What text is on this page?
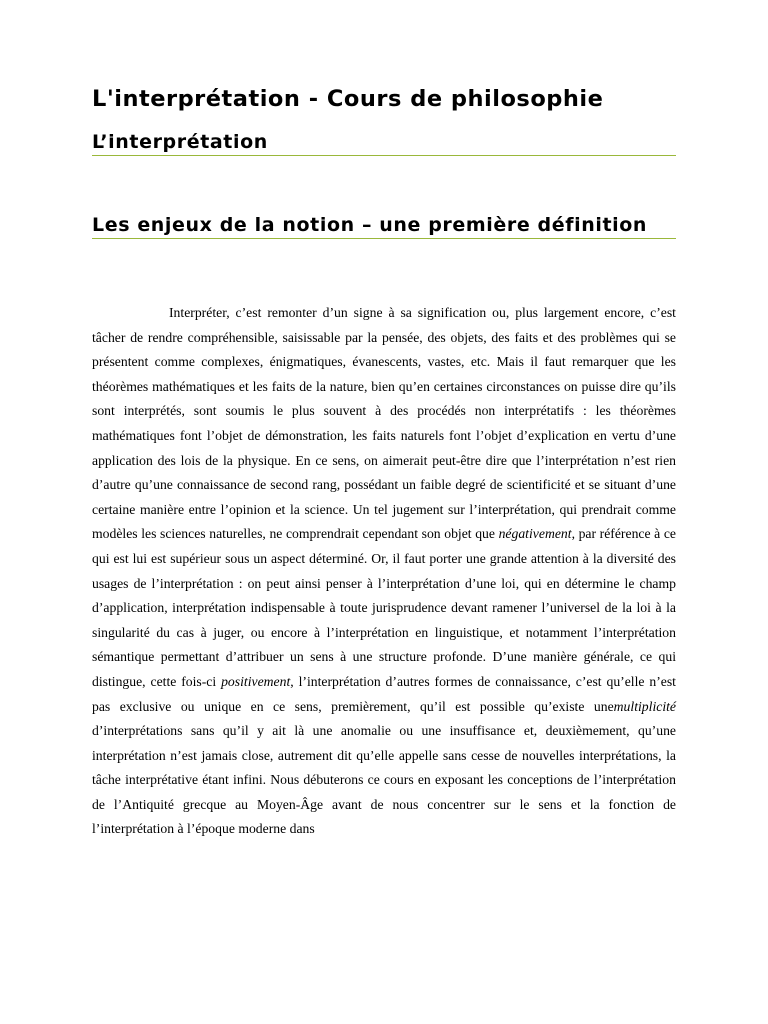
L'interprétation - Cours de philosophie
L’interprétation
Les enjeux de la notion – une première définition

Interpréter, c’est remonter d’un signe à sa signification ou, plus largement encore, c’est tâcher de rendre compréhensible, saisissable par la pensée, des objets, des faits et des problèmes qui se présentent comme complexes, énigmatiques, évanescents, vastes, etc. Mais il faut remarquer que les théorèmes mathématiques et les faits de la nature, bien qu’en certaines circonstances on puisse dire qu’ils sont interprétés, sont soumis le plus souvent à des procédés non interprétatifs : les théorèmes mathématiques font l’objet de démonstration, les faits naturels font l’objet d’explication en vertu d’une application des lois de la physique. En ce sens, on aimerait peut-être dire que l’interprétation n’est rien d’autre qu’une connaissance de second rang, possédant un faible degré de scientificité et se situant d’une certaine manière entre l’opinion et la science. Un tel jugement sur l’interprétation, qui prendrait comme modèles les sciences naturelles, ne comprendrait cependant son objet que négativement, par référence à ce qui est lui est supérieur sous un aspect déterminé. Or, il faut porter une grande attention à la diversité des usages de l’interprétation : on peut ainsi penser à l’interprétation d’une loi, qui en détermine le champ d’application, interprétation indispensable à toute jurisprudence devant ramener l’universel de la loi à la singularité du cas à juger, ou encore à l’interprétation en linguistique, et notamment l’interprétation sémantique permettant d’attribuer un sens à une structure profonde. D’une manière générale, ce qui distingue, cette fois-ci positivement, l’interprétation d’autres formes de connaissance, c’est qu’elle n’est pas exclusive ou unique en ce sens, premièrement, qu’il est possible qu’existe unemultiplicité d’interprétations sans qu’il y ait là une anomalie ou une insuffisance et, deuxièmement, qu’une interprétation n’est jamais close, autrement dit qu’elle appelle sans cesse de nouvelles interprétations, la tâche interprétative étant infini. Nous débuterons ce cours en exposant les conceptions de l’interprétation de l’Antiquité grecque au Moyen-Âge avant de nous concentrer sur le sens et la fonction de l’interprétation à l’époque moderne dans
